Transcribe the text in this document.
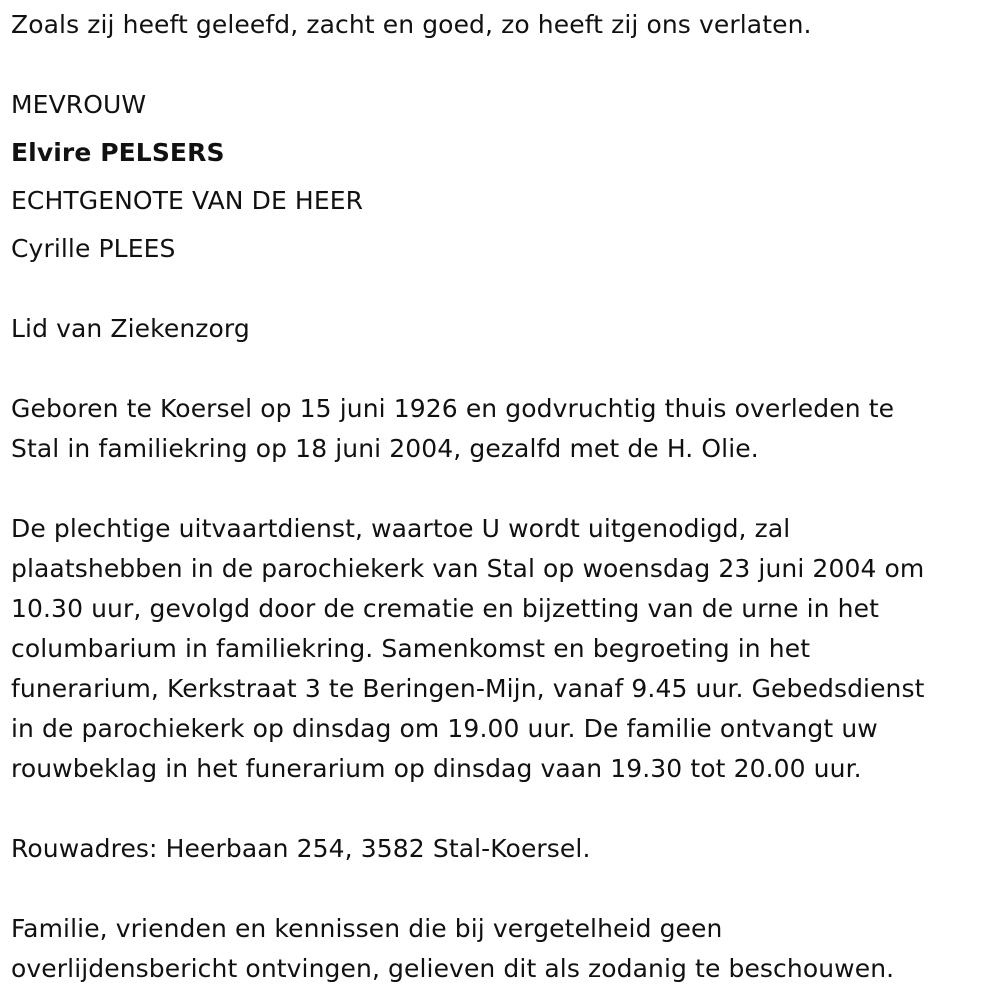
Zoals zij heeft geleefd, zacht en goed, zo heeft zij ons verlaten.
MEVROUW
Elvire PELSERS
ECHTGENOTE VAN DE HEER
Cyrille PLEES
Lid van Ziekenzorg
Geboren te Koersel op 15 juni 1926 en godvruchtig thuis overleden te
Stal in familiekring op 18 juni 2004, gezalfd met de H. Olie.
De plechtige uitvaartdienst, waartoe U wordt uitgenodigd, zal
plaatshebben in de parochiekerk van Stal op woensdag 23 juni 2004 om
10.30 uur, gevolgd door de crematie en bijzetting van de urne in het
columbarium in familiekring. Samenkomst en begroeting in het
funerarium, Kerkstraat 3 te Beringen-Mijn, vanaf 9.45 uur. Gebedsdienst
in de parochiekerk op dinsdag om 19.00 uur. De familie ontvangt uw
rouwbeklag in het funerarium op dinsdag vaan 19.30 tot 20.00 uur.
Rouwadres: Heerbaan 254, 3582 Stal-Koersel.
Familie, vrienden en kennissen die bij vergetelheid geen
overlijdensbericht ontvingen, gelieven dit als zodanig te beschouwen.
